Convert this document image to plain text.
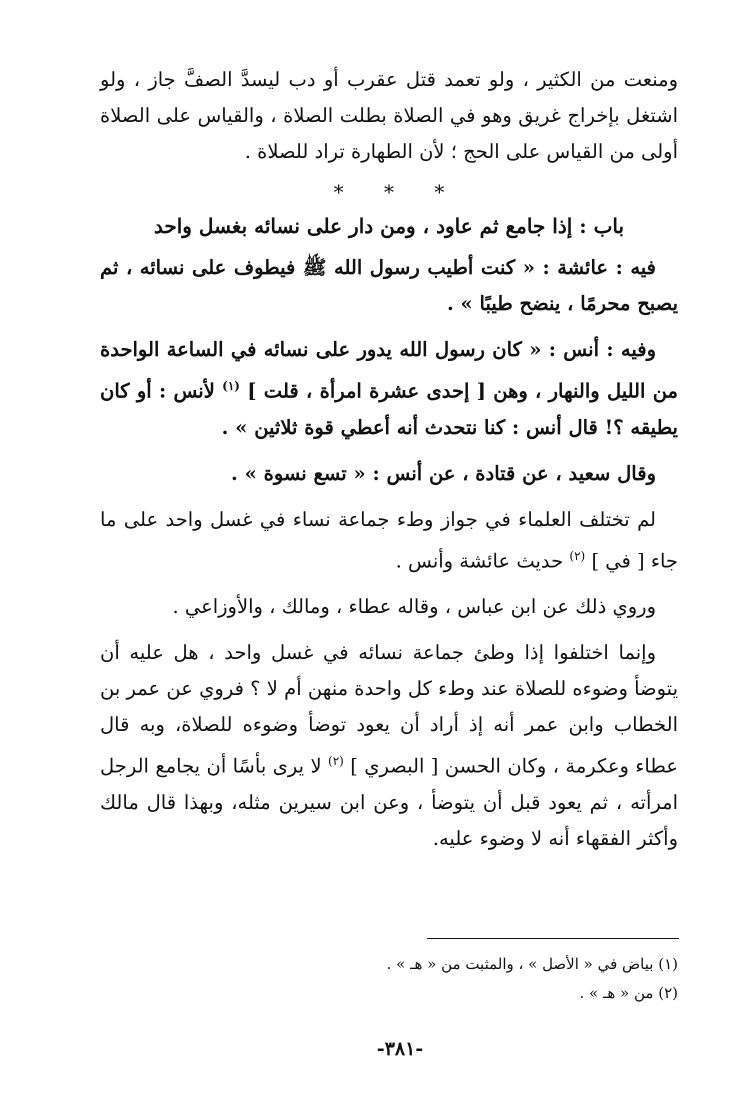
ومنعت من الكثير ، ولو تعمد قتل عقرب أو دب ليسدَّ الصفَّ جاز ، ولو اشتغل بإخراج غريق وهو في الصلاة بطلت الصلاة ، والقياس على الصلاة أولى من القياس على الحج ؛ لأن الطهارة تراد للصلاة .

* * *
باب : إذا جامع ثم عاود ، ومن دار على نسائه بغسل واحد

فيه : عائشة : « كنت أطيب رسول الله ﷺ فيطوف على نسائه ، ثم يصبح محرمًا ، ينضح طيبًا » .

وفيه : أنس : « كان رسول الله يدور على نسائه في الساعة الواحدة من الليل والنهار ، وهن [ إحدى عشرة امرأة ، قلت ] $^{(١)}$ لأنس : أو كان يطيقه ؟! قال أنس : كنا نتحدث أنه أعطي قوة ثلاثين » .

وقال سعيد ، عن قتادة ، عن أنس : « تسع نسوة » .

لم تختلف العلماء في جواز وطء جماعة نساء في غسل واحد على ما جاء [ في ] $^{(٢)}$ حديث عائشة وأنس .

وروي ذلك عن ابن عباس ، وقاله عطاء ، ومالك ، والأوزاعي .

وإنما اختلفوا إذا وطئ جماعة نسائه في غسل واحد ، هل عليه أن يتوضأ وضوءه للصلاة عند وطء كل واحدة منهن أم لا ؟ فروي عن عمر بن الخطاب وابن عمر أنه إذ أراد أن يعود توضأ وضوءه للصلاة، وبه قال عطاء وعكرمة ، وكان الحسن [ البصري ] $^{(٢)}$ لا يرى بأسًا أن يجامع الرجل امرأته ، ثم يعود قبل أن يتوضأ ، وعن ابن سيرين مثله، وبهذا قال مالك وأكثر الفقهاء أنه لا وضوء عليه.

(١) بياض في « الأصل » ، والمثبت من « هـ » .
(٢) من « هـ » .
-٣٨١-
